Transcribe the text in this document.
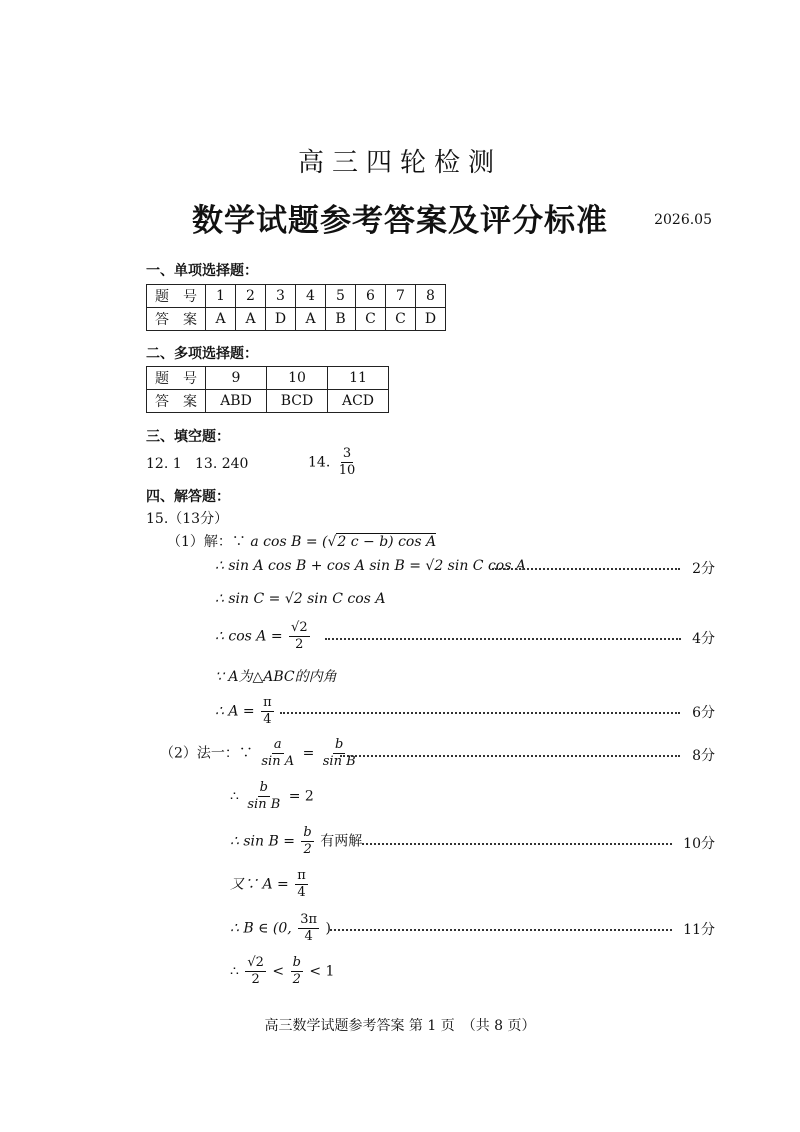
高三四轮检测
数学试题参考答案及评分标准	2026.05
一、单项选择题：
题　号	1	2	3	4	5	6	7	8
答　案	A	A	D	A	B	C	C	D
二、多项选择题：
题　号	9	10	11
答　案	ABD	BCD	ACD
三、填空题：
12. 1 13. 240	14. $\frac{3}{10}$
四、解答题：
15.（13分）
（1）解：∵ a cos B = (√2 c − b) cos A
∴ sin A cos B + cos A sin B = √2 sin C cos A	2分
∴ sin C = √2 sin C cos A
∴ $\cos A = \frac{√2}{2}$	4分
∵ A为△ABC的内角
∴ $A = \frac{\pi}{4}$	6分
（2）法一：∵ $\frac{a}{\text{sin A}} = \frac{b}{\text{sin B}}$	8分
∴ $\frac{b}{\text{sin B}} = 2$
∴ $\sin B = \frac{b}{2}$ 有两解	10分
又∵ $A = \frac{\pi}{4}$
∴ B ∈ (0, $\frac{3\pi}{4}$ )	11分
∴ $\frac{√2}{2} < \frac{b}{2} < 1$
高三数学试题参考答案 第 1 页　（共 8 页）
